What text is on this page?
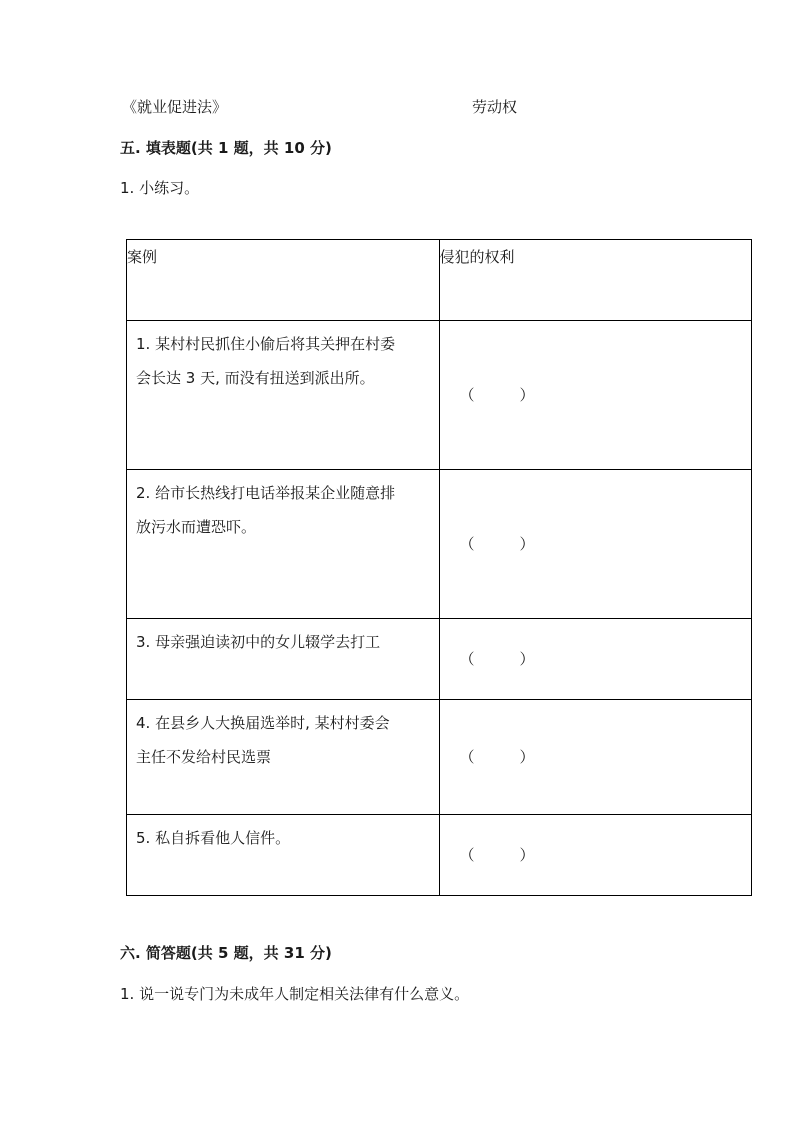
《就业促进法》	劳动权
五. 填表题(共 1 题，共 10 分)
1. 小练习。
案例	侵犯的权利

1. 某村村民抓住小偷后将其关押在村委
会长达 3 天, 而没有扭送到派出所。	（ ）

2. 给市长热线打电话举报某企业随意排
放污水而遭恐吓。	（ ）

3. 母亲强迫读初中的女儿辍学去打工	（ ）

4. 在县乡人大换届选举时, 某村村委会
主任不发给村民选票	（ ）

5. 私自拆看他人信件。	（ ）
六. 简答题(共 5 题，共 31 分)
1. 说一说专门为未成年人制定相关法律有什么意义。
